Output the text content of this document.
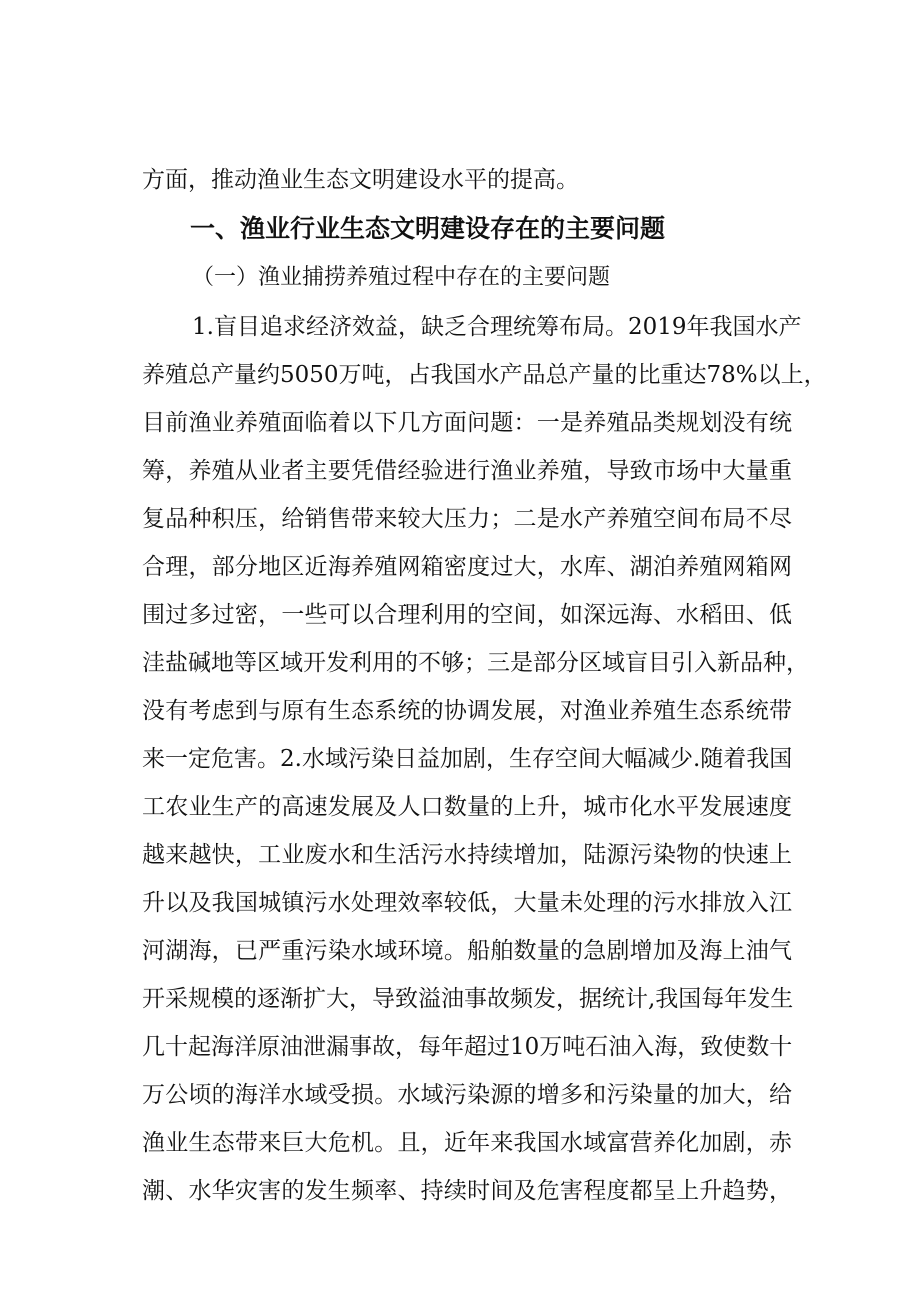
方面，推动渔业生态文明建设水平的提高。
一、渔业行业生态文明建设存在的主要问题
（一）渔业捕捞养殖过程中存在的主要问题
1.盲目追求经济效益，缺乏合理统筹布局。2019年我国水产
养殖总产量约5050万吨，占我国水产品总产量的比重达78%以上，
目前渔业养殖面临着以下几方面问题：一是养殖品类规划没有统
筹，养殖从业者主要凭借经验进行渔业养殖，导致市场中大量重
复品种积压，给销售带来较大压力；二是水产养殖空间布局不尽
合理，部分地区近海养殖网箱密度过大，水库、湖泊养殖网箱网
围过多过密，一些可以合理利用的空间，如深远海、水稻田、低
洼盐碱地等区域开发利用的不够；三是部分区域盲目引入新品种，
没有考虑到与原有生态系统的协调发展，对渔业养殖生态系统带
来一定危害。2.水域污染日益加剧，生存空间大幅减少.随着我国
工农业生产的高速发展及人口数量的上升，城市化水平发展速度
越来越快，工业废水和生活污水持续增加，陆源污染物的快速上
升以及我国城镇污水处理效率较低，大量未处理的污水排放入江
河湖海，已严重污染水域环境。船舶数量的急剧增加及海上油气
开采规模的逐渐扩大，导致溢油事故频发，据统计,我国每年发生
几十起海洋原油泄漏事故，每年超过10万吨石油入海，致使数十
万公顷的海洋水域受损。水域污染源的增多和污染量的加大，给
渔业生态带来巨大危机。且，近年来我国水域富营养化加剧，赤
潮、水华灾害的发生频率、持续时间及危害程度都呈上升趋势，
